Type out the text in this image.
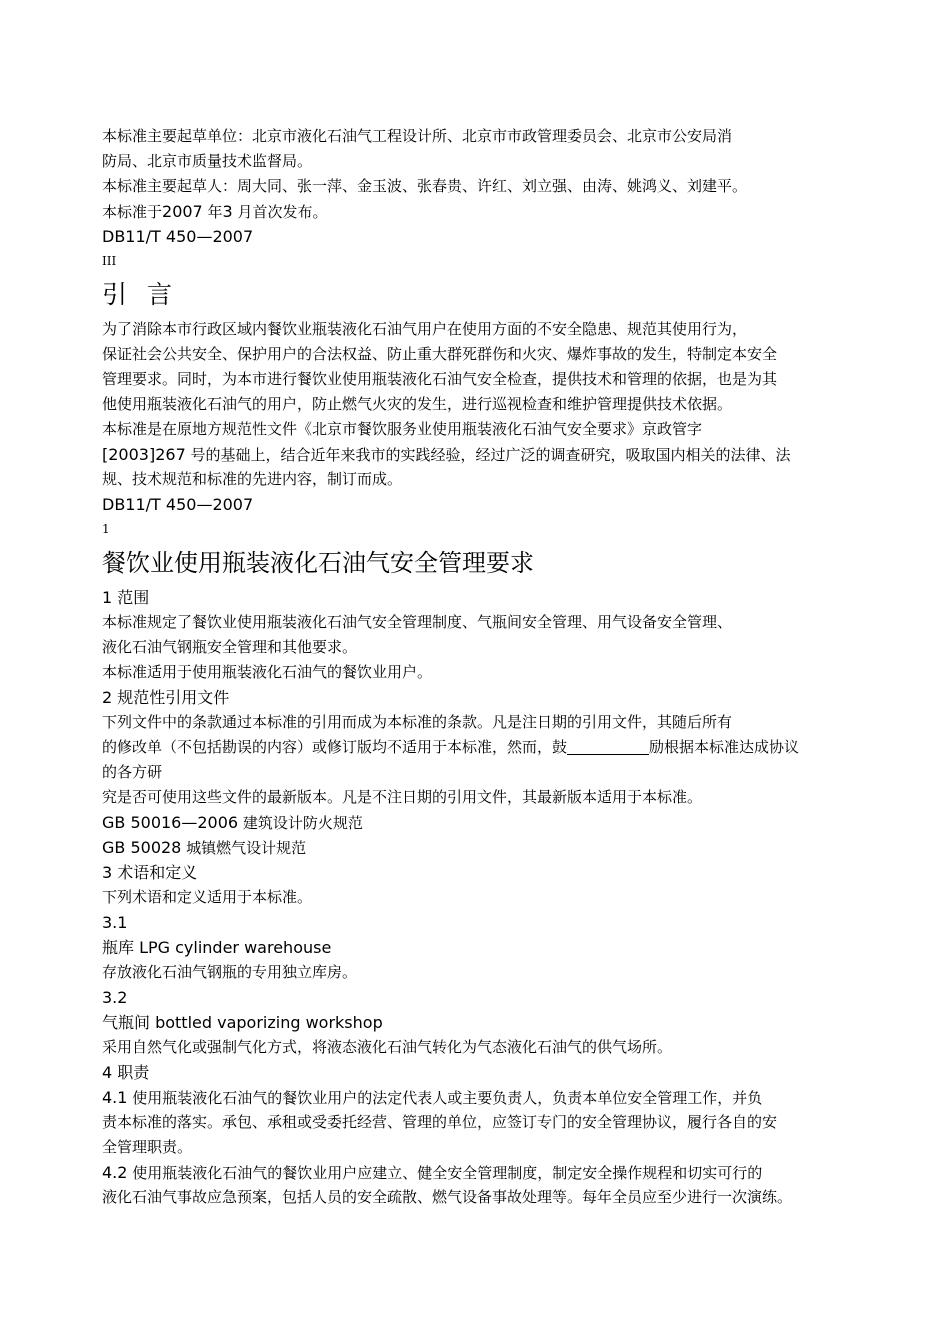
本标准主要起草单位：北京市液化石油气工程设计所、北京市市政管理委员会、北京市公安局消
防局、北京市质量技术监督局。
本标准主要起草人：周大同、张一萍、金玉波、张春贵、许红、刘立强、由涛、姚鸿义、刘建平。
本标准于2007 年3 月首次发布。
DB11/T 450—2007
III
引 言
为了消除本市行政区域内餐饮业瓶装液化石油气用户在使用方面的不安全隐患、规范其使用行为，
保证社会公共安全、保护用户的合法权益、防止重大群死群伤和火灾、爆炸事故的发生，特制定本安全
管理要求。同时，为本市进行餐饮业使用瓶装液化石油气安全检查，提供技术和管理的依据，也是为其
他使用瓶装液化石油气的用户，防止燃气火灾的发生，进行巡视检查和维护管理提供技术依据。
本标准是在原地方规范性文件《北京市餐饮服务业使用瓶装液化石油气安全要求》京政管字
[2003]267 号的基础上，结合近年来我市的实践经验，经过广泛的调查研究，吸取国内相关的法律、法
规、技术规范和标准的先进内容，制订而成。
DB11/T 450—2007
1
餐饮业使用瓶装液化石油气安全管理要求
1 范围
本标准规定了餐饮业使用瓶装液化石油气安全管理制度、气瓶间安全管理、用气设备安全管理、
液化石油气钢瓶安全管理和其他要求。
本标准适用于使用瓶装液化石油气的餐饮业用户。
2 规范性引用文件
下列文件中的条款通过本标准的引用而成为本标准的条款。凡是注日期的引用文件，其随后所有
的修改单（不包括勘误的内容）或修订版均不适用于本标准，然而，鼓	励根据本标准达成协议
的各方研
究是否可使用这些文件的最新版本。凡是不注日期的引用文件，其最新版本适用于本标准。
GB 50016—2006 建筑设计防火规范
GB 50028 城镇燃气设计规范
3 术语和定义
下列术语和定义适用于本标准。
3.1
瓶库 LPG cylinder warehouse
存放液化石油气钢瓶的专用独立库房。
3.2
气瓶间 bottled vaporizing workshop
采用自然气化或强制气化方式，将液态液化石油气转化为气态液化石油气的供气场所。
4 职责
4.1 使用瓶装液化石油气的餐饮业用户的法定代表人或主要负责人，负责本单位安全管理工作，并负
责本标准的落实。承包、承租或受委托经营、管理的单位，应签订专门的安全管理协议，履行各自的安
全管理职责。
4.2 使用瓶装液化石油气的餐饮业用户应建立、健全安全管理制度，制定安全操作规程和切实可行的
液化石油气事故应急预案，包括人员的安全疏散、燃气设备事故处理等。每年全员应至少进行一次演练。
